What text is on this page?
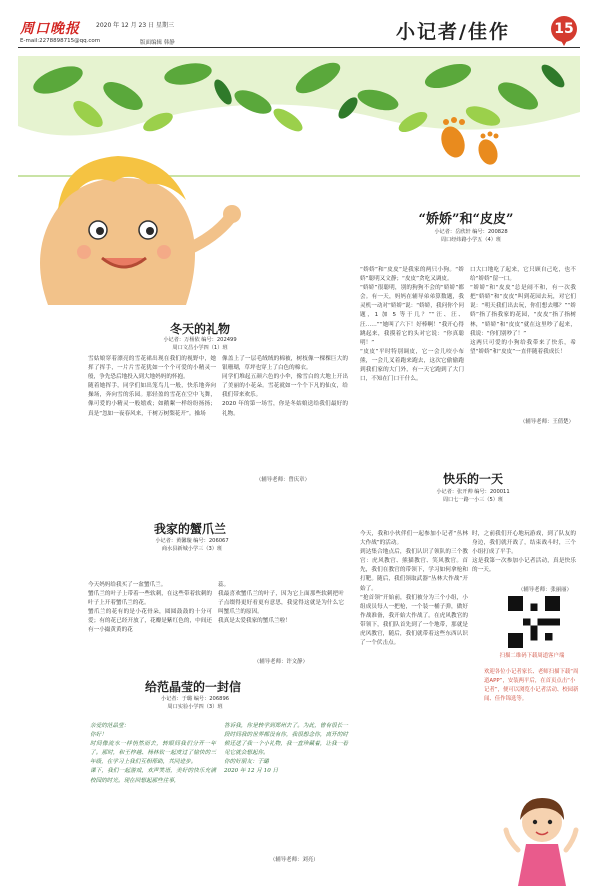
周口晚报	2020 年 12 月 23 日 星期三
E-mail:2278898715@qq.com	版面编辑 韩静	小记者/佳作	15
冬天的礼物
小记者：万杨依 编号：202499
周口文昌小学四（1）班
雪姑娘穿着漂亮的雪花裙出现在我们的视野中，她挥了挥手，一片片雪花犹如一个个可爱的小精灵一般，争先恐后地投入到大地妈妈的怀抱。
随着她挥手，同学们如出笼鸟儿一般，快乐地奔向操场，奔向雪的乐园。那轻盈的雪花在空中飞舞，像可爱的小精灵一般嬉戏；如鹅絮一样纷纷扬扬；真是“忽如一夜春风来，千树万树梨花开”。操场
像盖上了一层毛绒绒的棉被，树枝像一棵棵巨大的银珊瑚，草坪也穿上了白色的棉衣。
同学们堆起五颜六色的小伞，像雪白的大地上开出了美丽的小花朵。雪花就如一个个下凡的仙女，给我们带来欢乐。
2020 年的第一场雪，你是冬姑娘送给我们最好的礼物。
（辅导老师：曾庆章）
我家的蟹爪兰
小记者：黄馨璇 编号：206067
商水县新城小学三（3）班
今天妈妈给我买了一盆蟹爪兰。
蟹爪兰的叶子上带着一些软刺，在这些带着软刺的叶子上开着蟹爪兰的花。
蟹爪兰的花有的是小花骨朵，圆圆鼓鼓的十分可爱；有的花已经开放了，花瓣是紫红色的，中间还有一小撮黄黄的花
蕊。
我最喜欢蟹爪兰的叶子，因为它上面那些软刺把叶子点缀得更好看更有意思，我觉得这就是为什么它叫蟹爪兰的原因。
我真是太爱我家的蟹爪兰啦！
（辅导老师：许文静）
给范晶莹的一封信
小记者：于璐 编号：206896
周口实验小学四（3）班
亲爱的范晶莹：
你好！
时间像流水一样悄然而去，转眼间我们分开一年了。那时，和王梓越、杨林钦一起度过了愉快的三年级，在学习上我们互相帮助，共同进步。
课下，我们一起游戏，欢声笑语，美好的快乐充满校园的时光。现在回想起那些往事，
答诉我，你是转学到郑州去了。为此，曾有很长一段时间我的世界都没有你，我很想念你，离开的时候还送了我一个小礼物，我一直珍藏着，让我一看见它就会想起你。
你的好朋友：于璐
2020 年 12 月 10 日
（辅导老师：刘亮）
“娇娇”和“皮皮”
小记者：岳欣轩 编号：200828
周口经纬路小学五（4）班
“娇娇”和“皮皮”是我家的两只小狗。“娇娇”聪明又文静；“皮皮”贪吃又调皮。
“娇娇”很聪明，别的狗狗不会的“娇娇”都会。有一天，妈妈在辅导弟弟算数题，我灵机一动对“娇娇”说：“娇娇，我问你个问题，1 加 5 等于几？”“汪、汪、汪……”“她叫了六下！好棒啊！”我开心得跳起来，我摸着它的头对它说：“你真聪明！”
“皮皮”平时特别调皮，它一会儿咬小布熊，一会儿叉着跑来跑去，这次它偷偷跑到我们家的大门外，有一天它跑到了大门口，不知在门口干什么。
口大口地吃了起来，它只顾自己吃，也不给“娇娇”留一口。
“娇娇”和“皮皮”总是闹不和，有一次我把“娇娇”和“皮皮”叫到花园去玩，对它们说：“明天我们出去玩，你们想去哪？”“娇娇”指了指我家的花园，“皮皮”指了指树林，“娇娇”和“皮皮”就在这里吵了起来，我说：“你们别吵了！”
这两只可爱的小狗给我带来了快乐，希望“娇娇”和“皮皮”一直伴随着我成长！
（辅导老师：王倩楚）
快乐的一天
小记者：张开帅 编号：200011
周口七一路一小三（5）班
今天，我和小伙伴们一起参加小记者“丛林大作战”的活动。
到达集合地点后，我们认识了领队的三个教官：虎风教官、熊猫教官、笑风教官。首先，我们在教官的带领下，学习如何拿枪和打靶。随后，我们领取武器“丛林大作战”开始了。
“抢首领”开始前，我们被分为三个小组，小组成员每人一把枪，一个装一桶子弹，做好作战准备，我开始大作战了。在虎风教官的带领下，我们队首先到了一个地带，那就是虎风教官，随后，我们就带着这些东西认识了一个伏击点。
时，之前我们开心地玩游戏，到了队友的身边，我们就开战了，结束战斗时，三个小组打成了平手。
这是我第一次参加小记者活动，真是快乐的一天。
（辅导老师：张丽丽）
扫描二维码下载周道客户端
欢迎各位小记者家长、老师扫描下载“周道APP”，安装两平后，在首页点击“小记者”，便可以浏览小记者活动、校园新闻、佳作锦选等。
